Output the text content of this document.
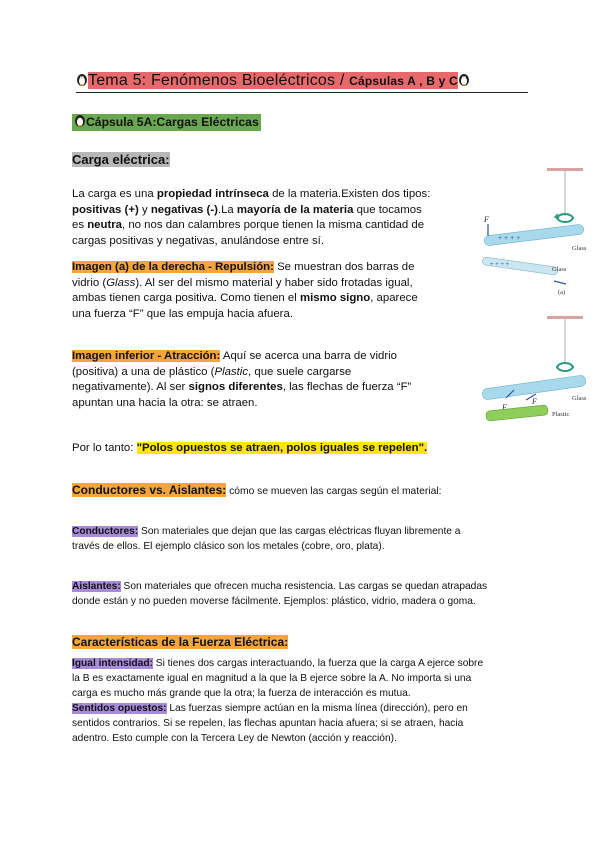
Tema 5: Fenómenos Bioeléctricos / Cápsulas A , B y C
Cápsula 5A:Cargas Eléctricas
Carga eléctrica:
La carga es una propiedad intrínseca de la materia.Existen dos tipos:
positivas (+) y negativas (-).La mayoría de la materia que tocamos
es neutra, no nos dan calambres porque tienen la misma cantidad de
cargas positivas y negativas, anulándose entre sí.
Imagen (a) de la derecha - Repulsión: Se muestran dos barras de
vidrio (Glass). Al ser del mismo material y haber sido frotadas igual,
ambas tienen carga positiva. Como tienen el mismo signo, aparece
una fuerza “F” que las empuja hacia afuera.
Imagen inferior - Atracción: Aquí se acerca una barra de vidrio
(positiva) a una de plástico (Plastic, que suele cargarse
negativamente). Al ser signos diferentes, las flechas de fuerza “F”
apuntan una hacia la otra: se atraen.
Por lo tanto: "Polos opuestos se atraen, polos iguales se repelen".
+ + + +
F
Glass
+ + + +
Glass
(a)
Glass
F
F
Plastic
Conductores vs. Aislantes: cómo se mueven las cargas según el material:
Conductores: Son materiales que dejan que las cargas eléctricas fluyan libremente a
través de ellos. El ejemplo clásico son los metales (cobre, oro, plata).
Aislantes: Son materiales que ofrecen mucha resistencia. Las cargas se quedan atrapadas
donde están y no pueden moverse fácilmente. Ejemplos: plástico, vidrio, madera o goma.
Características de la Fuerza Eléctrica:
Igual intensidad: Si tienes dos cargas interactuando, la fuerza que la carga A ejerce sobre
la B es exactamente igual en magnitud a la que la B ejerce sobre la A. No importa si una
carga es mucho más grande que la otra; la fuerza de interacción es mutua.
Sentidos opuestos: Las fuerzas siempre actúan en la misma línea (dirección), pero en
sentidos contrarios. Si se repelen, las flechas apuntan hacia afuera; si se atraen, hacia
adentro. Esto cumple con la Tercera Ley de Newton (acción y reacción).
